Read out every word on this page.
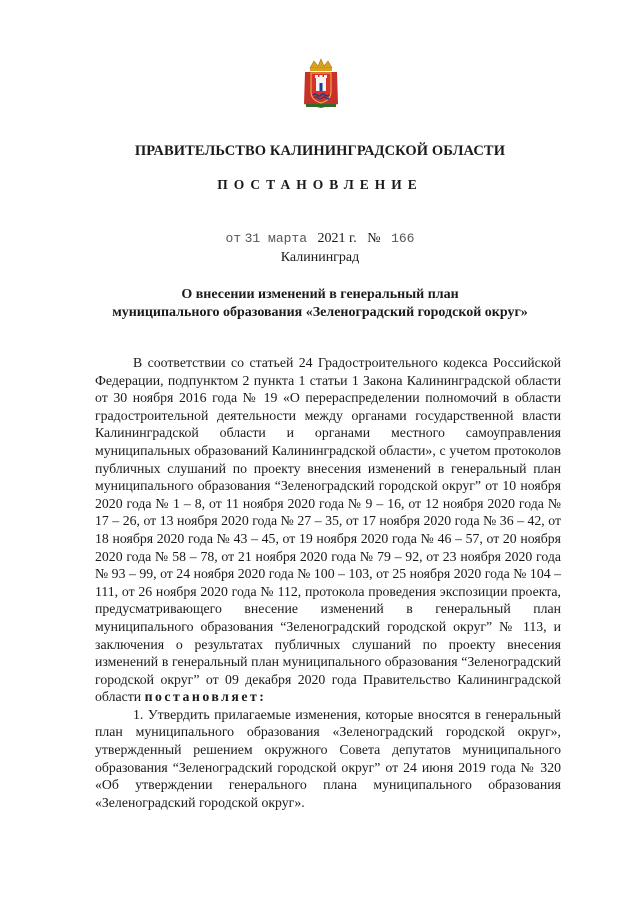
ПРАВИТЕЛЬСТВО КАЛИНИНГРАДСКОЙ ОБЛАСТИ
ПОСТАНОВЛЕНИЕ
от 31 марта 2021 г. № 166
Калининград
О внесении изменений в генеральный план
муниципального образования «Зеленоградский городской округ»

В соответствии со статьей 24 Градостроительного кодекса Российской Федерации, подпунктом 2 пункта 1 статьи 1 Закона Калининградской области от 30 ноября 2016 года № 19 «О перераспределении полномочий в области градостроительной деятельности между органами государственной власти Калининградской области и органами местного самоуправления муниципальных образований Калининградской области», с учетом протоколов публичных слушаний по проекту внесения изменений в генеральный план муниципального образования “Зеленоградский городской округ” от 10 ноября 2020 года № 1 – 8, от 11 ноября 2020 года № 9 – 16, от 12 ноября 2020 года № 17 – 26, от 13 ноября 2020 года № 27 – 35, от 17 ноября 2020 года № 36 – 42, от 18 ноября 2020 года № 43 – 45, от 19 ноября 2020 года № 46 – 57, от 20 ноября 2020 года № 58 – 78, от 21 ноября 2020 года № 79 – 92, от 23 ноября 2020 года № 93 – 99, от 24 ноября 2020 года № 100 – 103, от 25 ноября 2020 года № 104 – 111, от 26 ноября 2020 года № 112, протокола проведения экспозиции проекта, предусматривающего внесение изменений в генеральный план муниципального образования “Зеленоградский городской округ” № 113, и заключения о результатах публичных слушаний по проекту внесения изменений в генеральный план муниципального образования “Зеленоградский городской округ” от 09 декабря 2020 года Правительство Калининградской области постановляет:

1. Утвердить прилагаемые изменения, которые вносятся в генеральный план муниципального образования «Зеленоградский городской округ», утвержденный решением окружного Совета депутатов муниципального образования “Зеленоградский городской округ” от 24 июня 2019 года № 320 «Об утверждении генерального плана муниципального образования «Зеленоградский городской округ».
